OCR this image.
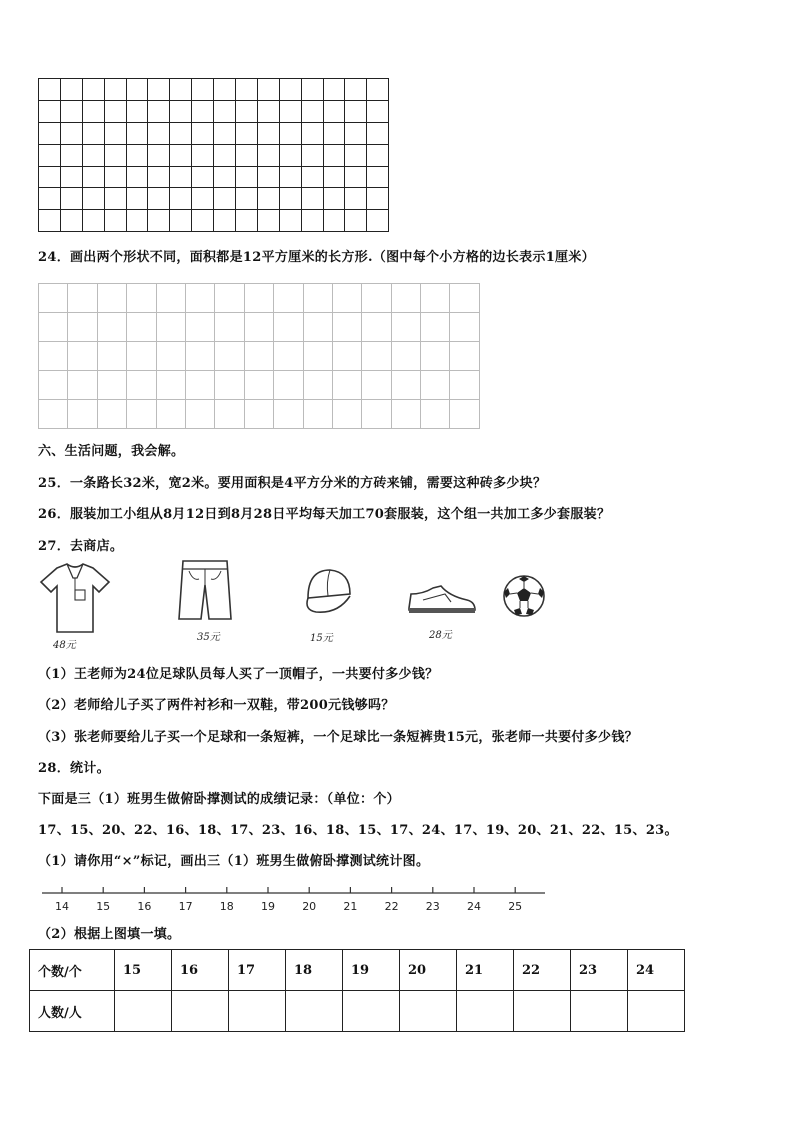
24．画出两个形状不同，面积都是12平方厘米的长方形.（图中每个小方格的边长表示1厘米）

六、生活问题，我会解。
25．一条路长32米，宽2米。要用面积是4平方分米的方砖来铺，需要这种砖多少块？
26．服装加工小组从8月12日到8月28日平均每天加工70套服装，这个组一共加工多少套服装？
27．去商店。
48元
35元	15元	28元
（1）王老师为24位足球队员每人买了一顶帽子，一共要付多少钱？
（2）老师给儿子买了两件衬衫和一双鞋，带200元钱够吗？
（3）张老师要给儿子买一个足球和一条短裤，一个足球比一条短裤贵15元，张老师一共要付多少钱？
28．统计。
下面是三（1）班男生做俯卧撑测试的成绩记录：（单位：个）
17、15、20、22、16、18、17、23、16、18、15、17、24、17、19、20、21、22、15、23。
（1）请你用“×”标记，画出三（1）班男生做俯卧撑测试统计图。
14 15 16 17 18 19 20 21 22 23 24 25
（2）根据上图填一填。
个数/个	15	16	17	18	19	20	21	22	23	24
人数/人										
